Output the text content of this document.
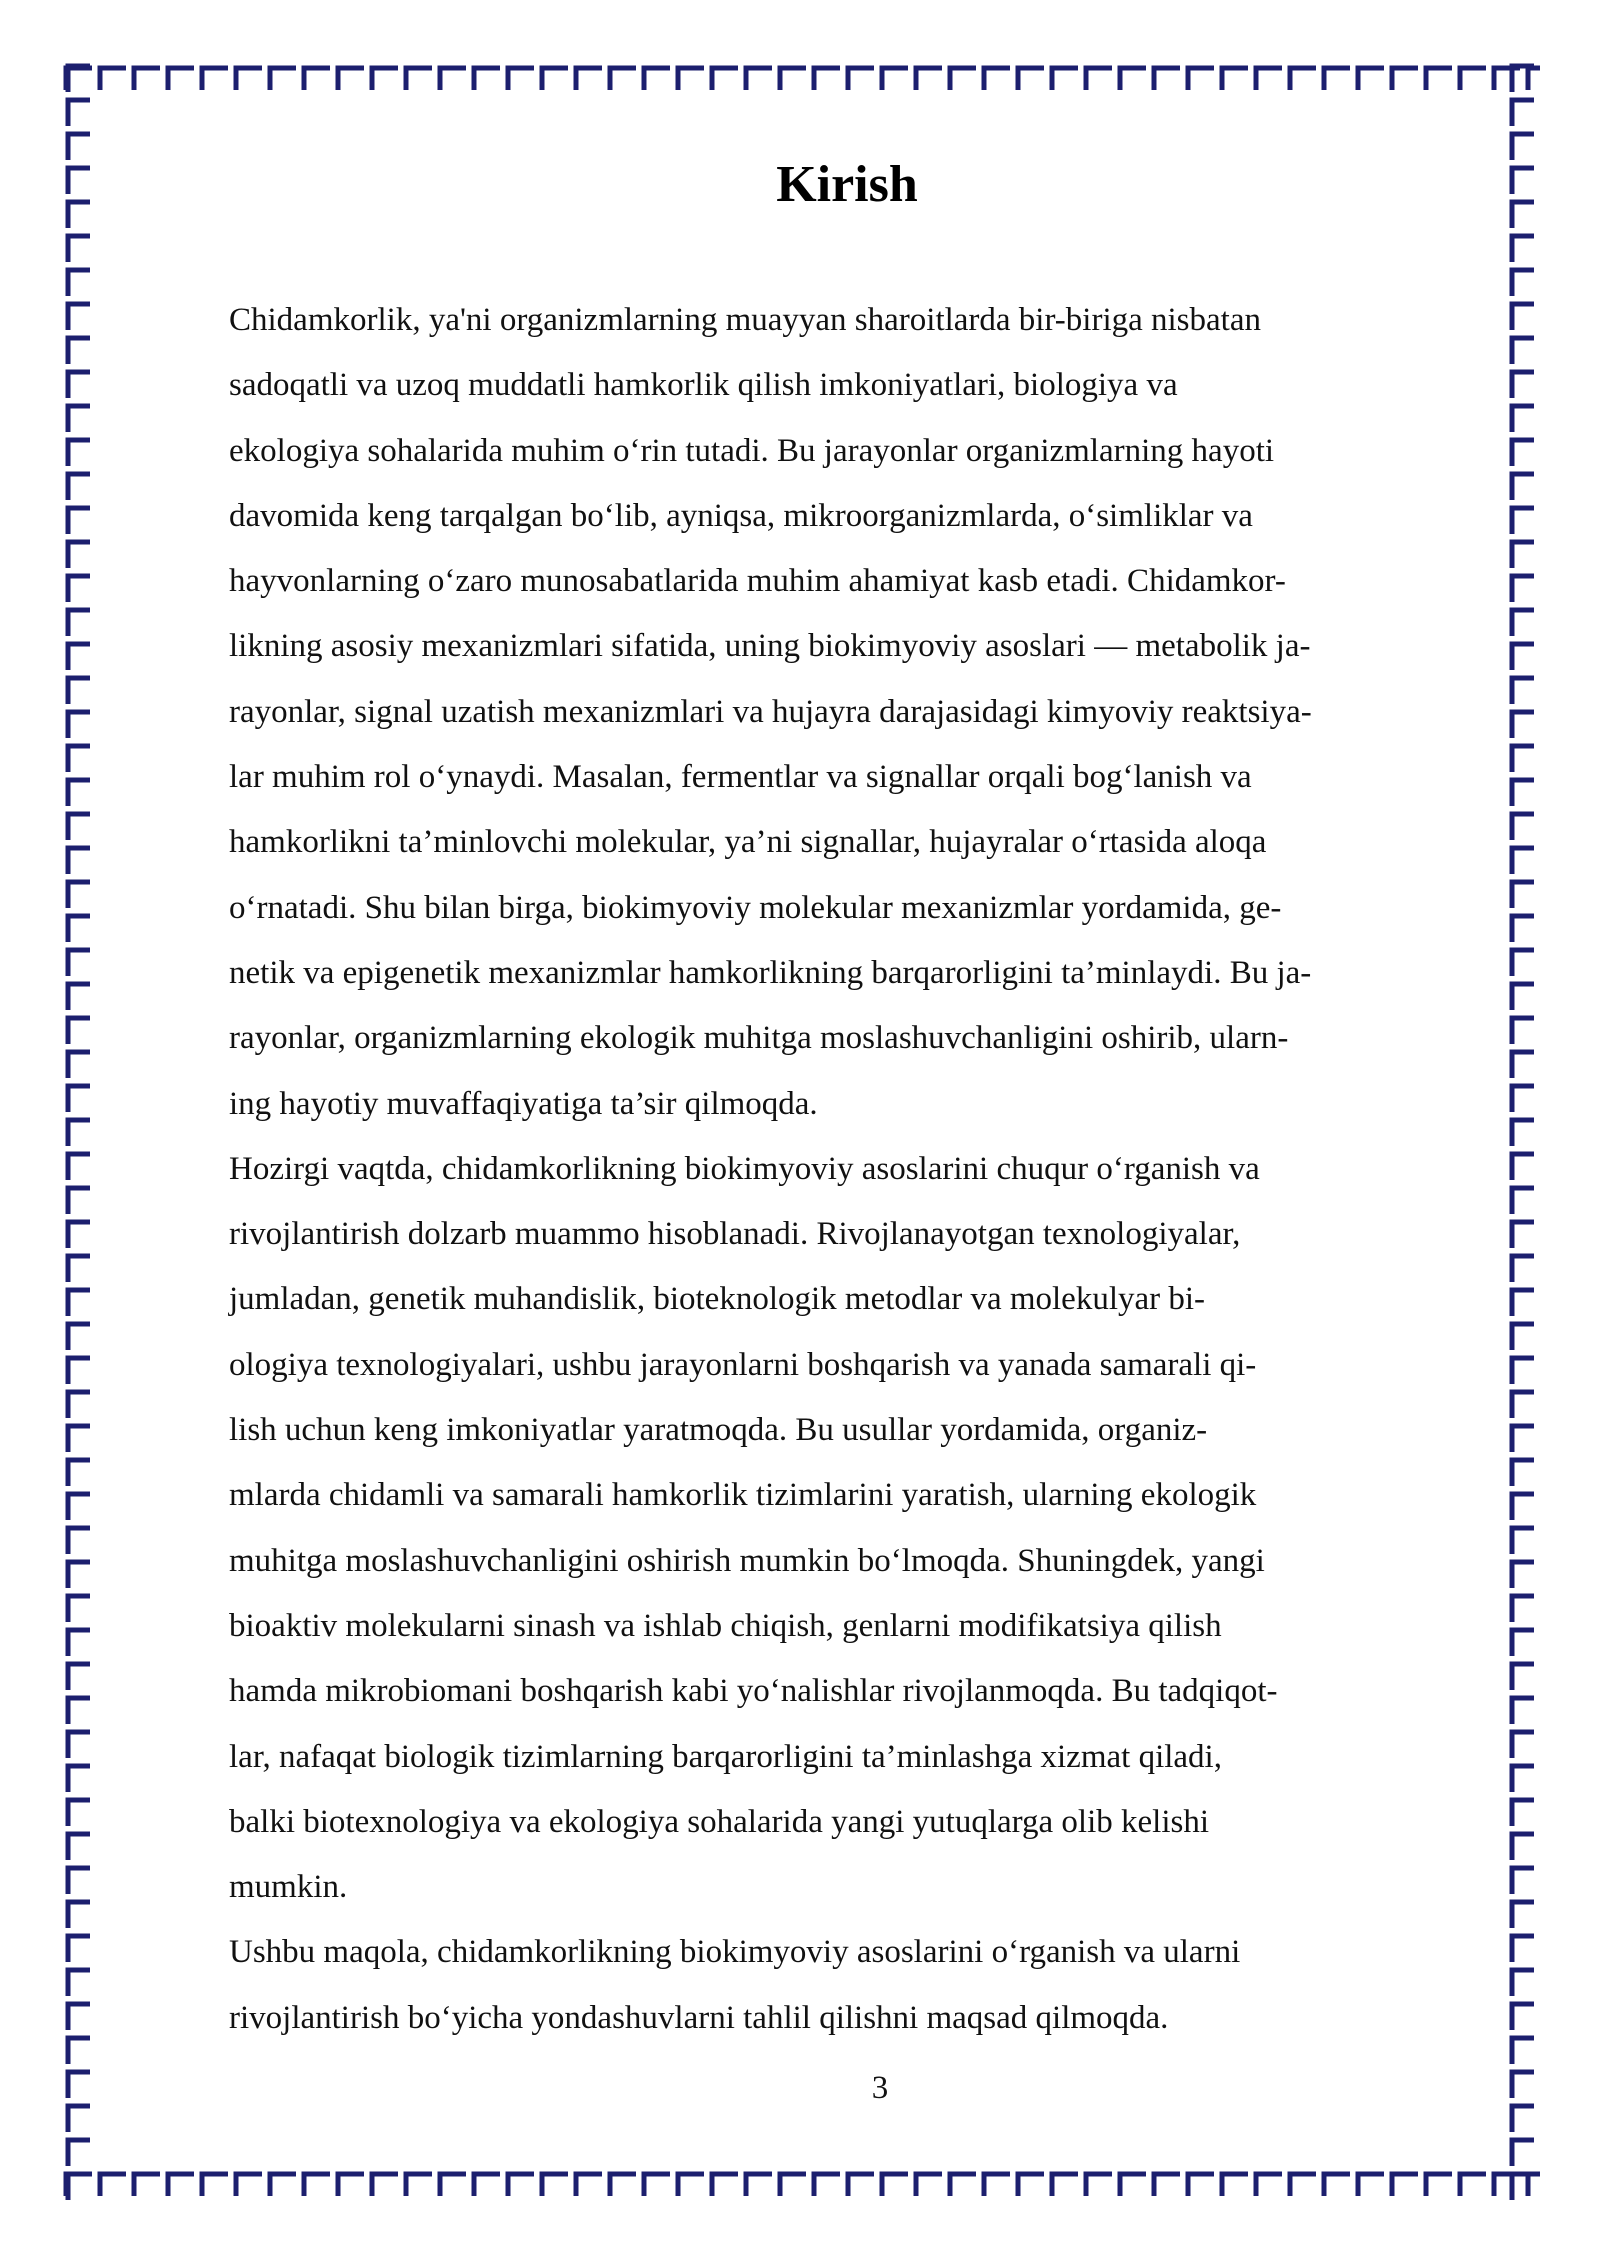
Kirish
Chidamkorlik, ya'ni organizmlarning muayyan sharoitlarda bir-biriga nisbatan
sadoqatli va uzoq muddatli hamkorlik qilish imkoniyatlari, biologiya va
ekologiya sohalarida muhim o‘rin tutadi. Bu jarayonlar organizmlarning hayoti
davomida keng tarqalgan bo‘lib, ayniqsa, mikroorganizmlarda, o‘simliklar va
hayvonlarning o‘zaro munosabatlarida muhim ahamiyat kasb etadi. Chidamkor-
likning asosiy mexanizmlari sifatida, uning biokimyoviy asoslari — metabolik ja-
rayonlar, signal uzatish mexanizmlari va hujayra darajasidagi kimyoviy reaktsiya-
lar muhim rol o‘ynaydi. Masalan, fermentlar va signallar orqali bog‘lanish va
hamkorlikni ta’minlovchi molekular, ya’ni signallar, hujayralar o‘rtasida aloqa
o‘rnatadi. Shu bilan birga, biokimyoviy molekular mexanizmlar yordamida, ge-
netik va epigenetik mexanizmlar hamkorlikning barqarorligini ta’minlaydi. Bu ja-
rayonlar, organizmlarning ekologik muhitga moslashuvchanligini oshirib, ularn-
ing hayotiy muvaffaqiyatiga ta’sir qilmoqda.
Hozirgi vaqtda, chidamkorlikning biokimyoviy asoslarini chuqur o‘rganish va
rivojlantirish dolzarb muammo hisoblanadi. Rivojlanayotgan texnologiyalar,
jumladan, genetik muhandislik, bioteknologik metodlar va molekulyar bi-
ologiya texnologiyalari, ushbu jarayonlarni boshqarish va yanada samarali qi-
lish uchun keng imkoniyatlar yaratmoqda. Bu usullar yordamida, organiz-
mlarda chidamli va samarali hamkorlik tizimlarini yaratish, ularning ekologik
muhitga moslashuvchanligini oshirish mumkin bo‘lmoqda. Shuningdek, yangi
bioaktiv molekularni sinash va ishlab chiqish, genlarni modifikatsiya qilish
hamda mikrobiomani boshqarish kabi yo‘nalishlar rivojlanmoqda. Bu tadqiqot-
lar, nafaqat biologik tizimlarning barqarorligini ta’minlashga xizmat qiladi,
balki biotexnologiya va ekologiya sohalarida yangi yutuqlarga olib kelishi
mumkin.
Ushbu maqola, chidamkorlikning biokimyoviy asoslarini o‘rganish va ularni
rivojlantirish bo‘yicha yondashuvlarni tahlil qilishni maqsad qilmoqda.
3
